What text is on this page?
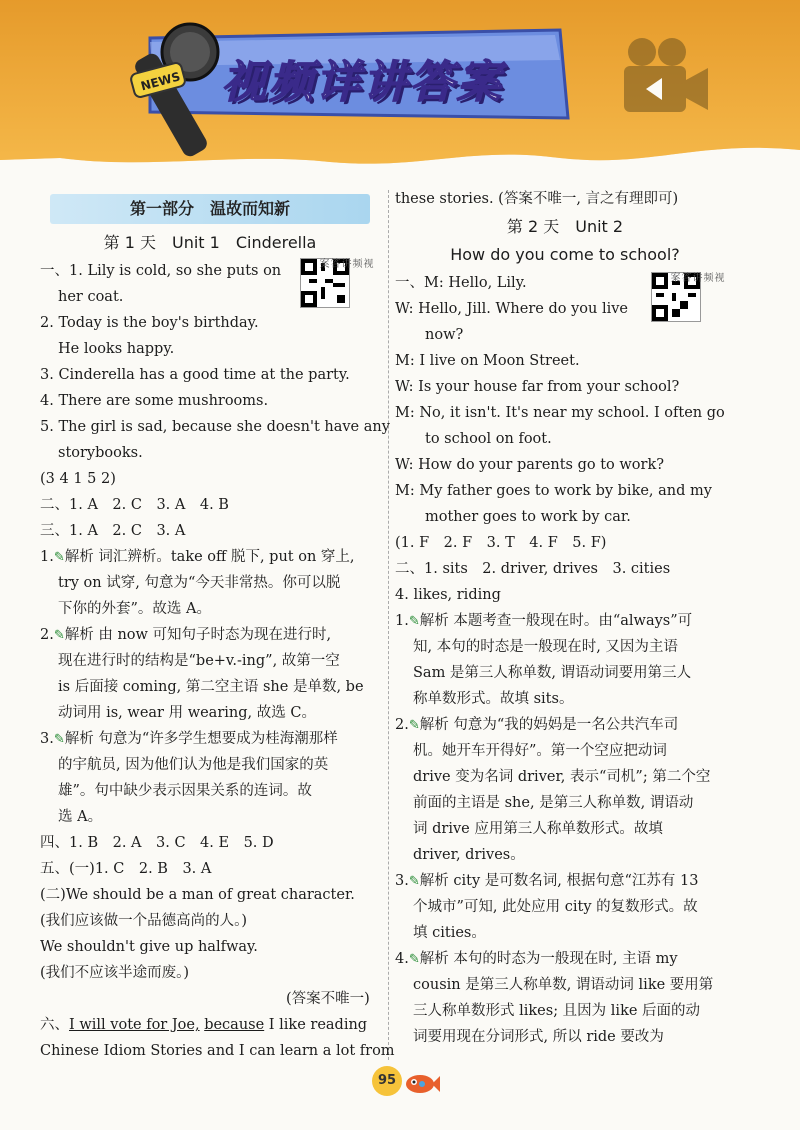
NEWS 视频详讲答案
第一部分　温故而知新
第 1 天　Unit 1　Cinderella
视频讲答案
一、1. Lily is cold, so she puts on
her coat.
2. Today is the boy's birthday.
He looks happy.
3. Cinderella has a good time at the party.
4. There are some mushrooms.
5. The girl is sad, because she doesn't have any
storybooks.
(3 4 1 5 2)
二、1. A　2. C　3. A　4. B
三、1. A　2. C　3. A
1.✎解析 词汇辨析。take off 脱下, put on 穿上,
try on 试穿, 句意为“今天非常热。你可以脱
下你的外套”。故选 A。
2.✎解析 由 now 可知句子时态为现在进行时,
现在进行时的结构是“be+v.-ing”, 故第一空
is 后面接 coming, 第二空主语 she 是单数, be
动词用 is, wear 用 wearing, 故选 C。
3.✎解析 句意为“许多学生想要成为桂海潮那样
的宇航员, 因为他们认为他是我们国家的英
雄”。句中缺少表示因果关系的连词。故
选 A。
四、1. B　2. A　3. C　4. E　5. D
五、(一)1. C　2. B　3. A
(二)We should be a man of great character.
(我们应该做一个品德高尚的人。)
We shouldn't give up halfway.
(我们不应该半途而废。)
(答案不唯一)
六、I will vote for Joe, because I like reading
Chinese Idiom Stories and I can learn a lot from
these stories. (答案不唯一, 言之有理即可)
第 2 天　Unit 2
How do you come to school?
视频讲答案
一、M: Hello, Lily.
W: Hello, Jill. Where do you live
now?
M: I live on Moon Street.
W: Is your house far from your school?
M: No, it isn't. It's near my school. I often go
to school on foot.
W: How do your parents go to work?
M: My father goes to work by bike, and my
mother goes to work by car.
(1. F　2. F　3. T　4. F　5. F)
二、1. sits　2. driver, drives　3. cities
4. likes, riding
1.✎解析 本题考查一般现在时。由“always”可
知, 本句的时态是一般现在时, 又因为主语
Sam 是第三人称单数, 谓语动词要用第三人
称单数形式。故填 sits。
2.✎解析 句意为“我的妈妈是一名公共汽车司
机。她开车开得好”。第一个空应把动词
drive 变为名词 driver, 表示“司机”; 第二个空
前面的主语是 she, 是第三人称单数, 谓语动
词 drive 应用第三人称单数形式。故填
driver, drives。
3.✎解析 city 是可数名词, 根据句意“江苏有 13
个城市”可知, 此处应用 city 的复数形式。故
填 cities。
4.✎解析 本句的时态为一般现在时, 主语 my
cousin 是第三人称单数, 谓语动词 like 要用第
三人称单数形式 likes; 且因为 like 后面的动
词要用现在分词形式, 所以 ride 要改为
95
